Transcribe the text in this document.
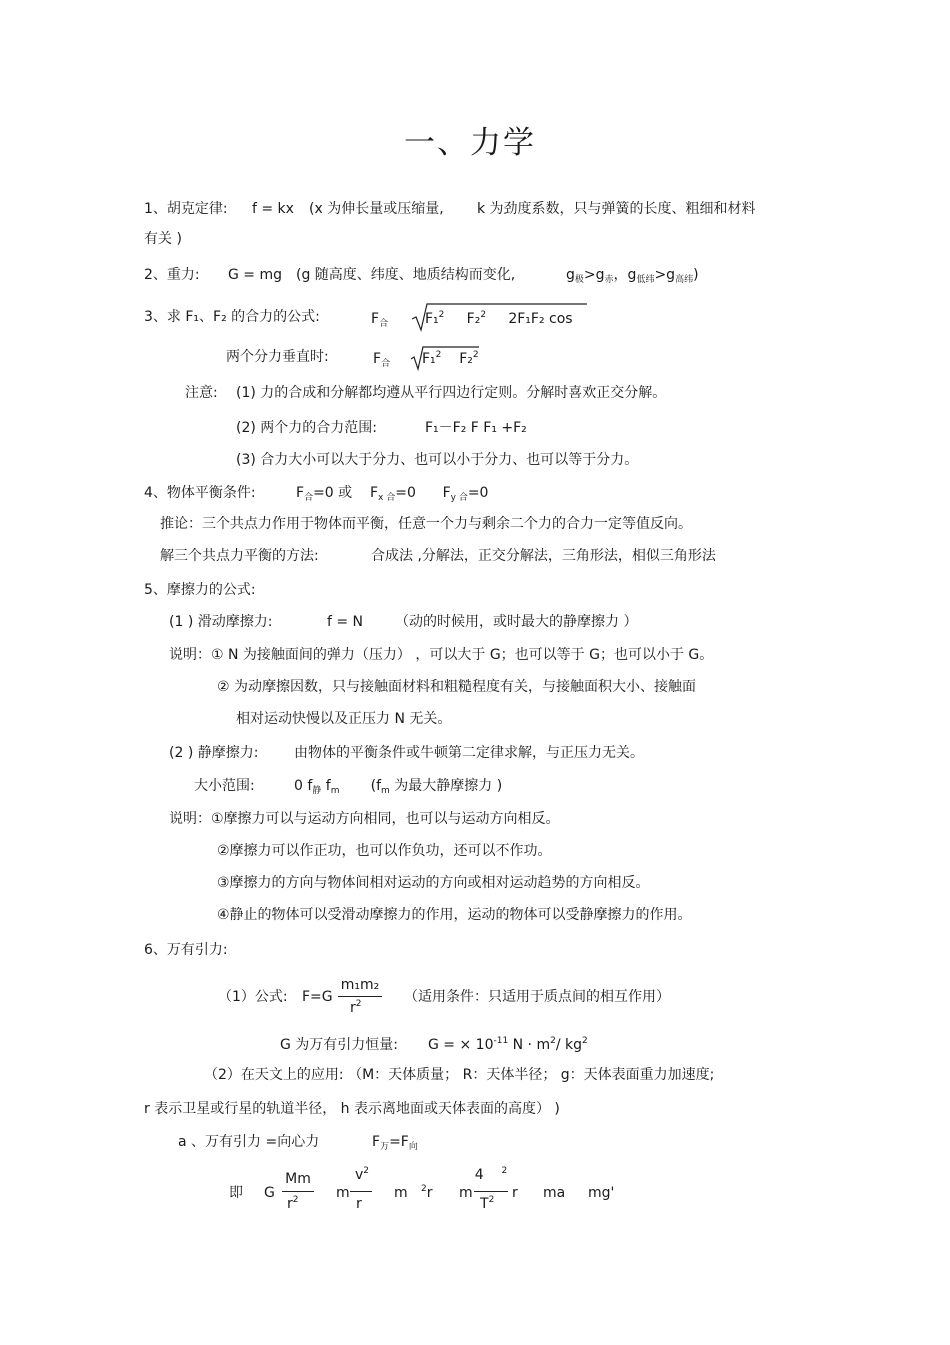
一、力学
1、胡克定律: f = kx (x 为伸长量或压缩量, k 为劲度系数，只与弹簧的长度、粗细和材料
有关 )
2、重力: G = mg (g 随高度、纬度、地质结构而变化,	$g_极>g_赤$，$g_{低纬}>g_{高纬}$)
3、求 F₁、F₂ 的合力的公式:	$F_合$	F₁$^2$ F₂$^2$ 2F₁F₂ cos
两个分力垂直时:	$F_合$ F₁$^2$ F₂$^2$
注意: (1) 力的合成和分解都均遵从平行四边行定则。分解时喜欢正交分解。
(2) 两个力的合力范围:	F₁－F₂ F F₁ +F₂
(3) 合力大小可以大于分力、也可以小于分力、也可以等于分力。
4、物体平衡条件:	$F_合=0$ 或 $F_{x 合}=0$ $F_{y 合}=0$
推论：三个共点力作用于物体而平衡，任意一个力与剩余二个力的合力一定等值反向。
解三个共点力平衡的方法:	合成法 ,分解法，正交分解法，三角形法，相似三角形法
5、摩擦力的公式:
(1 ) 滑动摩擦力:	f = N （动的时候用，或时最大的静摩擦力 ）
说明：① N 为接触面间的弹力（压力） ，可以大于 G；也可以等于 G；也可以小于 G。
② 为动摩擦因数，只与接触面材料和粗糙程度有关，与接触面积大小、接触面
相对运动快慢以及正压力 N 无关。
(2 ) 静摩擦力:	由物体的平衡条件或牛顿第二定律求解，与正压力无关。
大小范围:	0 $f_静$ $f_m$ ($f_m$ 为最大静摩擦力 )
说明：①摩擦力可以与运动方向相同，也可以与运动方向相反。
②摩擦力可以作正功，也可以作负功，还可以不作功。
③摩擦力的方向与物体间相对运动的方向或相对运动趋势的方向相反。
④静止的物体可以受滑动摩擦力的作用，运动的物体可以受静摩擦力的作用。
6、万有引力:
（1）公式: F=G
m₁m₂
$r^2$	（适用条件：只适用于质点间的相互作用）
G 为万有引力恒量: G = × $10^{-11}$ $N \cdot m^2/$ $kg^2$
（2）在天文上的应用: （M：天体质量； R：天体半径； g：天体表面重力加速度;
r 表示卫星或行星的轨道半径， h 表示离地面或天体表面的高度） )
a 、万有引力 =向心力	$F_万=F_向$
即 G
Mm
$r^2$	m
$v^2$
r
m $^2$r m
4 $^2$
$T^2$ r ma mg'
